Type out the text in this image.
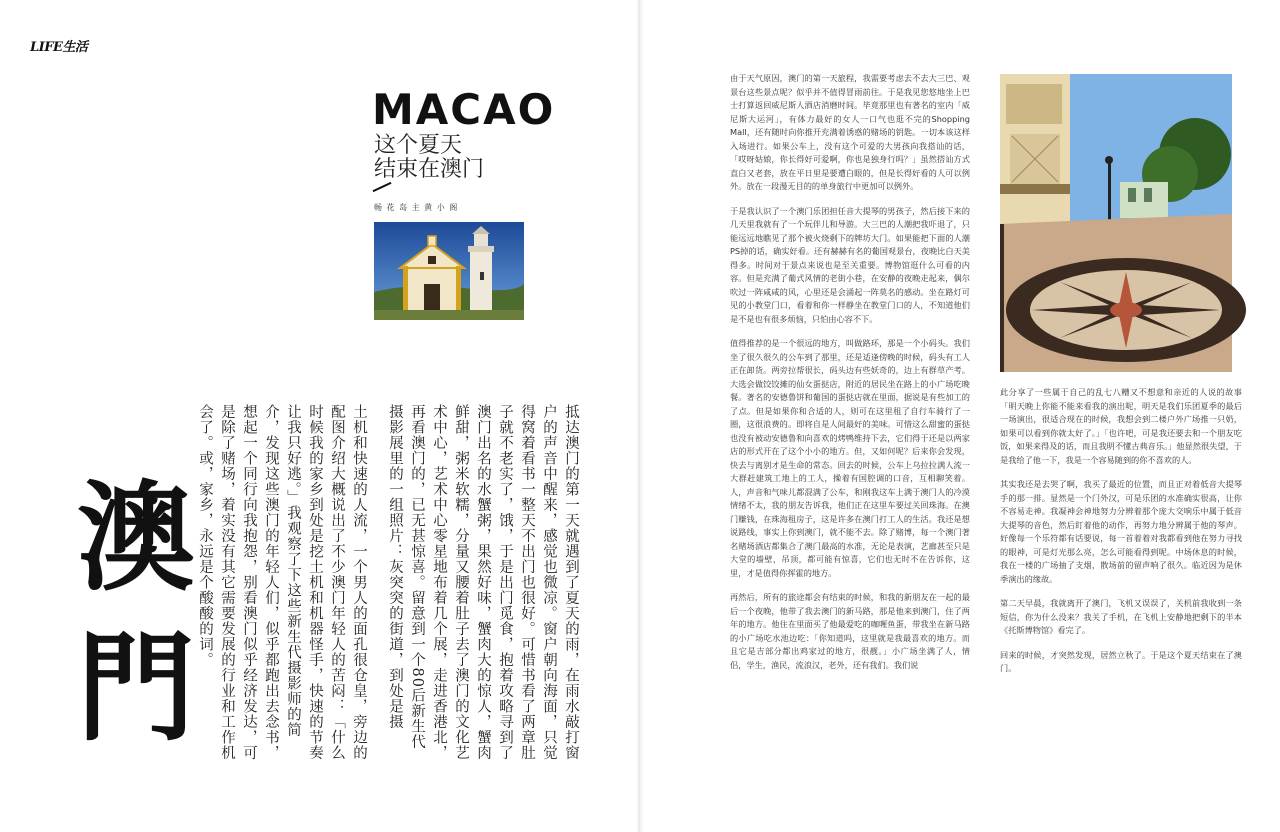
LIFE生活
MACAO
这个夏天
结束在澳门
畅 花 岛 主 黄 小 阁
澳
門	抵达澳门的第一天就遇到了夏天的雨，在雨水敲打窗户的声音中醒来，感觉也微凉。窗户朝向海面，只觉得窝着看书一整天不出门也很好。可惜书看了两章肚子就不老实了，饿，于是出门觅食，抱着攻略寻到了澳门出名的水蟹粥，果然好味，蟹肉大的惊人，蟹肉鲜甜，粥米软糯，分量又腰着肚子去了澳门的文化艺术中心，艺术中心零星地布着几个展，走进香港北，再看澳门的，已无甚惊喜。留意到一个80后新生代摄影展里的一组照片：灰突突的街道，到处是摄

土机和快速的人流，一个男人的面孔很仓皇，旁边的配图介绍大概说出了不少澳门年轻人的苦闷：「什么时候我的家乡到处是挖土机和机器怪手，快速的节奏让我只好逃。」我观察了下这些新生代摄影师的简介，发现这些澳门的年轻人们，似乎都跑出去念书，想起一个同行向我抱怨，别看澳门似乎经济发达，可是除了赌场，着实没有其它需要发展的行业和工作机会了。或，家乡，永远是个酸酸的词。

由于天气原因，澳门的第一天旅程，我需要考虑去不去大三巴、观景台这些景点呢？似乎并不值得冒雨前往。于是我见您悠地坐上巴士打算返回威尼斯人酒店消磨时间。毕竟那里也有著名的室内「威尼斯大运河」，有体力最好的女人一口气也逛不完的Shopping Mall，还有随时向你推开充满着诱惑的赌场的钥匙。一切本该这样入场进行。如果公车上，没有这个可爱的大男孩向我搭讪的话，「哎呀姑娘，你长得好可爱啊，你也是独身行吗？」虽然搭讪方式直白又老套，放在平日里是要遭白眼的，但是长得好看的人可以例外。放在一段漫无目的的单身旅行中更加可以例外。

于是我认识了一个澳门乐团担任音大提琴的男孩子，然后接下来的几天里我就有了一个玩伴儿和导游。大三巴的人潮把我吓退了，只能远远地瞧见了那个被火烧剩下的牌坊大门。如果能把下面的人潮PS掉的话，确实好看。还有赫赫有名的葡国观景台，夜晚比白天美得多。时间对于景点来说也是至关重要。博物馆逛什么可看的内容。但是充满了葡式风情的老街小巷，在安静的夜晚走起来，偶尔吹过一阵咸咸的风，心里还是会涌起一阵莫名的感动。坐在路灯可见的小教堂门口，看着和你一样静坐在教堂门口的人，不知道他们是不是也有很多烦恼，只怕由心容不下。

值得推荐的是一个很远的地方，叫做路环，那是一个小码头。我们坐了很久很久的公车到了那里，还是适逢傍晚的时候，码头有工人正在卸货。两旁拉帮很长，码头边有些妖奇的，边上有群草产考。大选会做饺饺摊的仙女蛋挞店，附近的居民坐在路上的小广场吃晚餐。著名的安德鲁饼和葡国的蛋挞店就在里面，据说是有些加工的了点。但是如果你和合适的人，则可在这里租了自行车骑行了一圈，这很浪费的。即将自是人间最好的美味。可惜这么甜蜜的蛋挞也没有被动安德鲁和向喜欢的烤鸭维持下去，它们得于还是以两家店的形式开在了这个小小的地方。但，又如何呢？后来你会发现，快去与离别才是生命的常态。回去的时候，公车上乌拉拉满人流一大群赶建筑工地上的工人，操着有国腔调的口音，互相聊笑着。人，声音和气味儿都混满了公车，和刚我这车上满于澳门人的冷漠情绪不太，我的朋友告诉我，他们正在这里车要过关回珠海。在澳门赚钱，在珠海租房子，这是许多在澳门打工人的生活。我还是想说路线，事实上你到澳门，就不能不去。除了赌博，每一个澳门著名赌场酒店都集合了澳门最高的水准，无论是表演，艺廊甚至只是大堂的墙壁，吊顶，都可能有惊喜，它们也无时不在告诉你，这里，才是值得你挥霍的地方。

再然后，所有的旅途都会有结束的时候，和我的新朋友在一起的最后一个夜晚，他带了我去澳门的新马路，那是他来到澳门，住了两年的地方。他住在里面买了他最爱吃的咖喱鱼蛋，带我坐在新马路的小广场吃水池边吃：「你知道吗，这里就是我最喜欢的地方。而且它是吉部分都出鸡家过的地方，很靓。」小广场坐满了人，情侣，学生，渔民，流浪汉，老外，还有我们。我们说

此分享了一些属于自己的乱七八糟又不想意和亲近的人说的故事「明天晚上你能不能来看我的演出呢，明天是我们乐团夏季的最后一场演出，很适合现在的时候，我想会到二楼户外广场推一只奶，如果可以看到你就太好了。」「也许吧，可是我还要去和一个朋友吃饭，如果来得及的话，而且我明不懂古典音乐。」他显然很失望，于是我给了他一下，我是一个容易随到的你不喜欢的人。

其实我还是去哭了啊，我买了最近的位置，而且正对着低音大提琴手的那一排。显然是一个门外汉，可是乐团的水准确实很高，让你不容易走神。我凝神会神地努力分辨着那个庞大交响乐中属于低音大提琴的音色，然后盯着他的动作，再努力地分辨属于他的琴声。好像每一个乐符都有话要说，每一首着着对我都看到他在努力寻找的眼神，可是灯光那么亮，怎么可能看得到呢。中场休息的时候，我在一楼的广场抽了支烟，散场前的留声响了很久。临近因为是休季演出的缘故。

第二天早晨，我就离开了澳门，飞机又误误了，关机前我收到一条短信，你为什么没来？我关了手机，在飞机上安静地把剩下的半本《托斯博物馆》看完了。

回来的时候，才突然发现，居然立秋了。于是这个夏天结束在了澳门。
